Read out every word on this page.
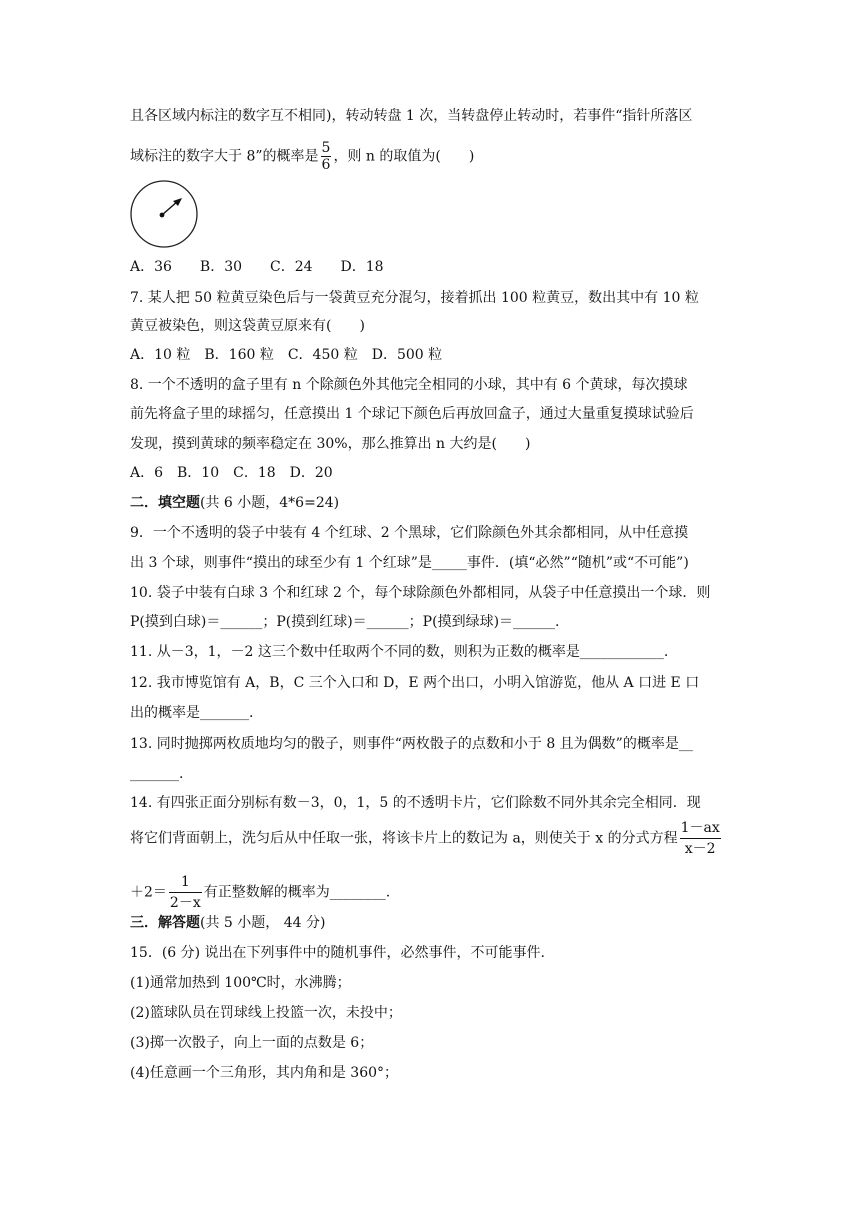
且各区域内标注的数字互不相同)，转动转盘 1 次，当转盘停止转动时，若事件“指针所落区
域标注的数字大于 8”的概率是 $\frac{5}{6}$ ，则 n 的取值为(　　)
A．36　　B．30　　C．24　　D．18
7. 某人把 50 粒黄豆染色后与一袋黄豆充分混匀，接着抓出 100 粒黄豆，数出其中有 10 粒
黄豆被染色，则这袋黄豆原来有(　　)
A．10 粒　B．160 粒　C．450 粒　D．500 粒
8. 一个不透明的盒子里有 n 个除颜色外其他完全相同的小球，其中有 6 个黄球，每次摸球
前先将盒子里的球摇匀，任意摸出 1 个球记下颜色后再放回盒子，通过大量重复摸球试验后
发现，摸到黄球的频率稳定在 30%，那么推算出 n 大约是(　　)
A．6　B．10　C．18　D．20
二．填空题(共 6 小题，4*6=24)
9．一个不透明的袋子中装有 4 个红球、2 个黑球，它们除颜色外其余都相同，从中任意摸
出 3 个球，则事件“摸出的球至少有 1 个红球”是_____事件．(填“必然”“随机”或“不可能”)
10. 袋子中装有白球 3 个和红球 2 个，每个球除颜色外都相同，从袋子中任意摸出一个球．则
P(摸到白球)＝______；P(摸到红球)＝______；P(摸到绿球)＝______.
11. 从－3，1，－2 这三个数中任取两个不同的数，则积为正数的概率是____________.
12. 我市博览馆有 A，B，C 三个入口和 D，E 两个出口，小明入馆游览，他从 A 口进 E 口
出的概率是_______.
13. 同时抛掷两枚质地均匀的骰子，则事件“两枚骰子的点数和小于 8 且为偶数”的概率是__
_______.
14. 有四张正面分别标有数－3，0，1，5 的不透明卡片，它们除数不同外其余完全相同．现
将它们背面朝上，洗匀后从中任取一张，将该卡片上的数记为 a，则使关于 x 的分式方程 $\frac{1-ax}{x-2}$
$+2= \frac{1}{2-x}$ 有正整数解的概率为________.
三．解答题(共 5 小题， 44 分)
15．(6 分) 说出在下列事件中的随机事件，必然事件，不可能事件.
(1)通常加热到 100℃时，水沸腾；
(2)篮球队员在罚球线上投篮一次，未投中；
(3)掷一次骰子，向上一面的点数是 6；
(4)任意画一个三角形，其内角和是 360°；
